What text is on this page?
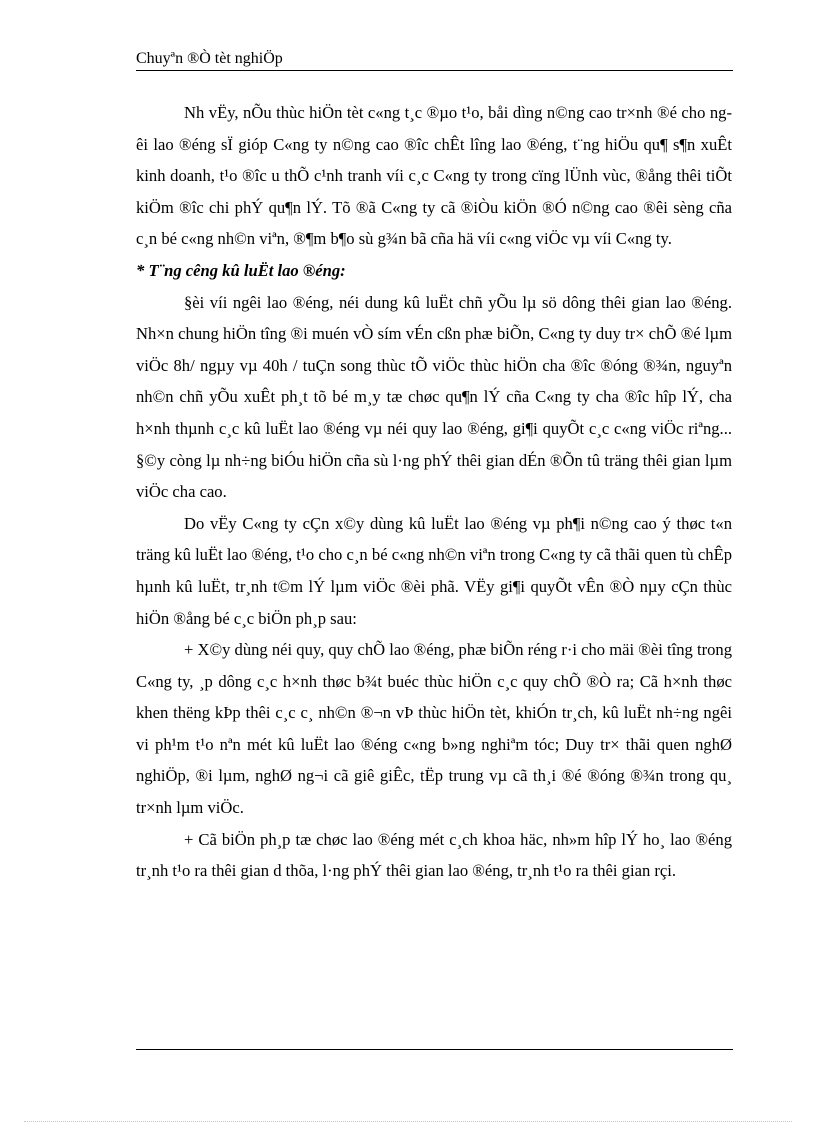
Chuyªn ®Ò tèt nghiÖp

Nh vËy, nÕu thùc hiÖn tèt c«ng t¸c ®µo t¹o, båi dìng n©ng cao tr×nh ®é cho ngêi lao ®éng sÏ gióp C«ng ty n©ng cao ®îc chÊt lîng lao ®éng, t¨ng hiÖu qu¶ s¶n xuÊt kinh doanh, t¹o ®îc u thÕ c¹nh tranh víi c¸c C«ng ty trong cïng lÜnh vùc, ®ång thêi tiÕt kiÖm ®îc chi phÝ qu¶n lÝ. Tõ ®ã C«ng ty cã ®iÒu kiÖn ®Ó n©ng cao ®êi sèng cña c¸n bé c«ng nh©n viªn, ®¶m b¶o sù g¾n bã cña hä víi c«ng viÖc vµ víi C«ng ty.

* T¨ng cêng kû luËt lao ®éng:

§èi víi ngêi lao ®éng, néi dung kû luËt chñ yÕu lµ sö dông thêi gian lao ®éng. Nh×n chung hiÖn tîng ®i muén vÒ sím vÉn cßn phæ biÕn, C«ng ty duy tr× chÕ ®é lµm viÖc 8h/ ngµy vµ 40h / tuÇn song thùc tÕ viÖc thùc hiÖn cha ®îc ®óng ®¾n, nguyªn nh©n chñ yÕu xuÊt ph¸t tõ bé m¸y tæ chøc qu¶n lÝ cña C«ng ty cha ®îc hîp lÝ, cha h×nh thµnh c¸c kû luËt lao ®éng vµ néi quy lao ®éng, gi¶i quyÕt c¸c c«ng viÖc riªng... §©y còng lµ nh÷ng biÓu hiÖn cña sù l·ng phÝ thêi gian dÉn ®Õn tû träng thêi gian lµm viÖc cha cao.

Do vËy C«ng ty cÇn x©y dùng kû luËt lao ®éng vµ ph¶i n©ng cao ý thøc t«n träng kû luËt lao ®éng, t¹o cho c¸n bé c«ng nh©n viªn trong C«ng ty cã thãi quen tù chÊp hµnh kû luËt, tr¸nh t©m lÝ lµm viÖc ®èi phã. VËy gi¶i quyÕt vÊn ®Ò nµy cÇn thùc hiÖn ®ång bé c¸c biÖn ph¸p sau:

+ X©y dùng néi quy, quy chÕ lao ®éng, phæ biÕn réng r·i cho mäi ®èi tîng trong C«ng ty, ¸p dông c¸c h×nh thøc b¾t buéc thùc hiÖn c¸c quy chÕ ®Ò ra; Cã h×nh thøc khen thëng kÞp thêi c¸c c¸ nh©n ®¬n vÞ thùc hiÖn tèt, khiÓn tr¸ch, kû luËt nh÷ng ngêi vi ph¹m t¹o nªn mét kû luËt lao ®éng c«ng b»ng nghiªm tóc; Duy tr× thãi quen nghØ nghiÖp, ®i lµm, nghØ ng¬i cã giê giÊc, tËp trung vµ cã th¸i ®é ®óng ®¾n trong qu¸ tr×nh lµm viÖc.

+ Cã biÖn ph¸p tæ chøc lao ®éng mét c¸ch khoa häc, nh»m hîp lÝ ho¸ lao ®éng tr¸nh t¹o ra thêi gian d thõa, l·ng phÝ thêi gian lao ®éng, tr¸nh t¹o ra thêi gian rçi.
